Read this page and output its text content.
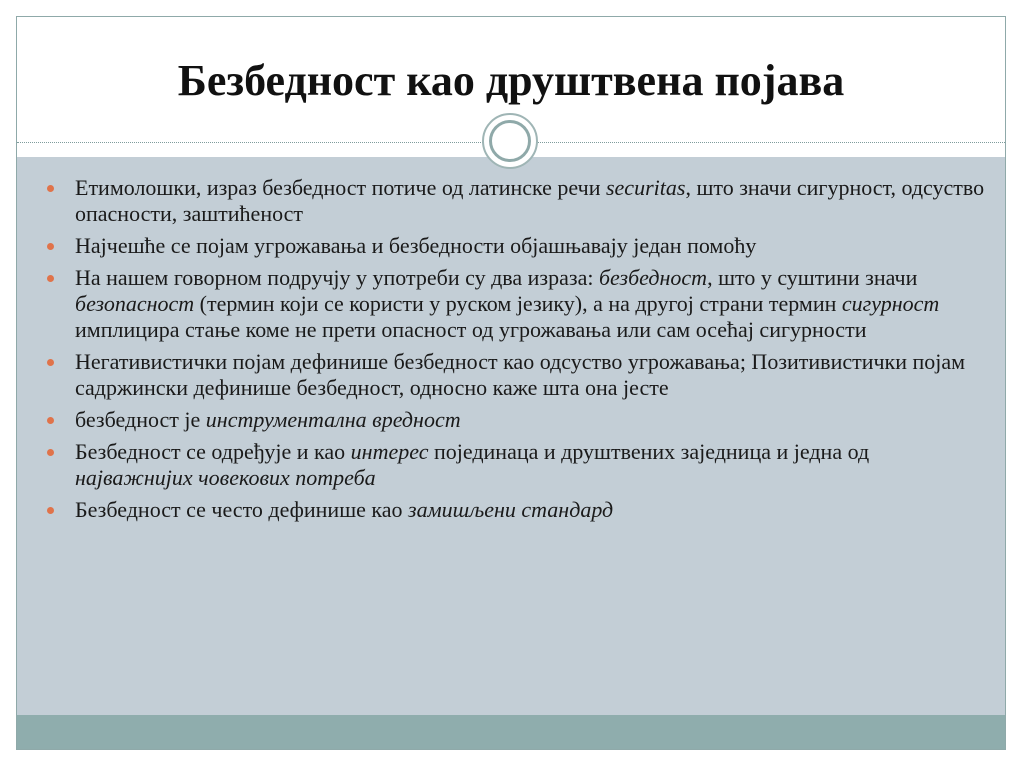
Безбедност као друштвена појава
Етимолошки, израз безбедност потиче од латинске речи securitas, што значи сигурност, одсуство опасности, заштићеност
Најчешће се појам угрожавања и безбедности објашњавају један помоћу
На нашем говорном подручју у употреби су два израза: безбедност, што у суштини значи безопасност (термин који се користи у руском језику), а на другој страни термин сигурност имплицира стање коме не прети опасност од угрожавања или сам осећај сигурности
Негативистички појам дефинише безбедност као одсуство угрожавања; Позитивистички појам садржински дефинише безбедност, односно каже шта она јесте
безбедност је инструментална вредност
Безбедност се одређује и као интерес појединаца и друштвених заједница и једна од најважнијих човекових потреба
Безбедност се често дефинише као замишљени стандард
